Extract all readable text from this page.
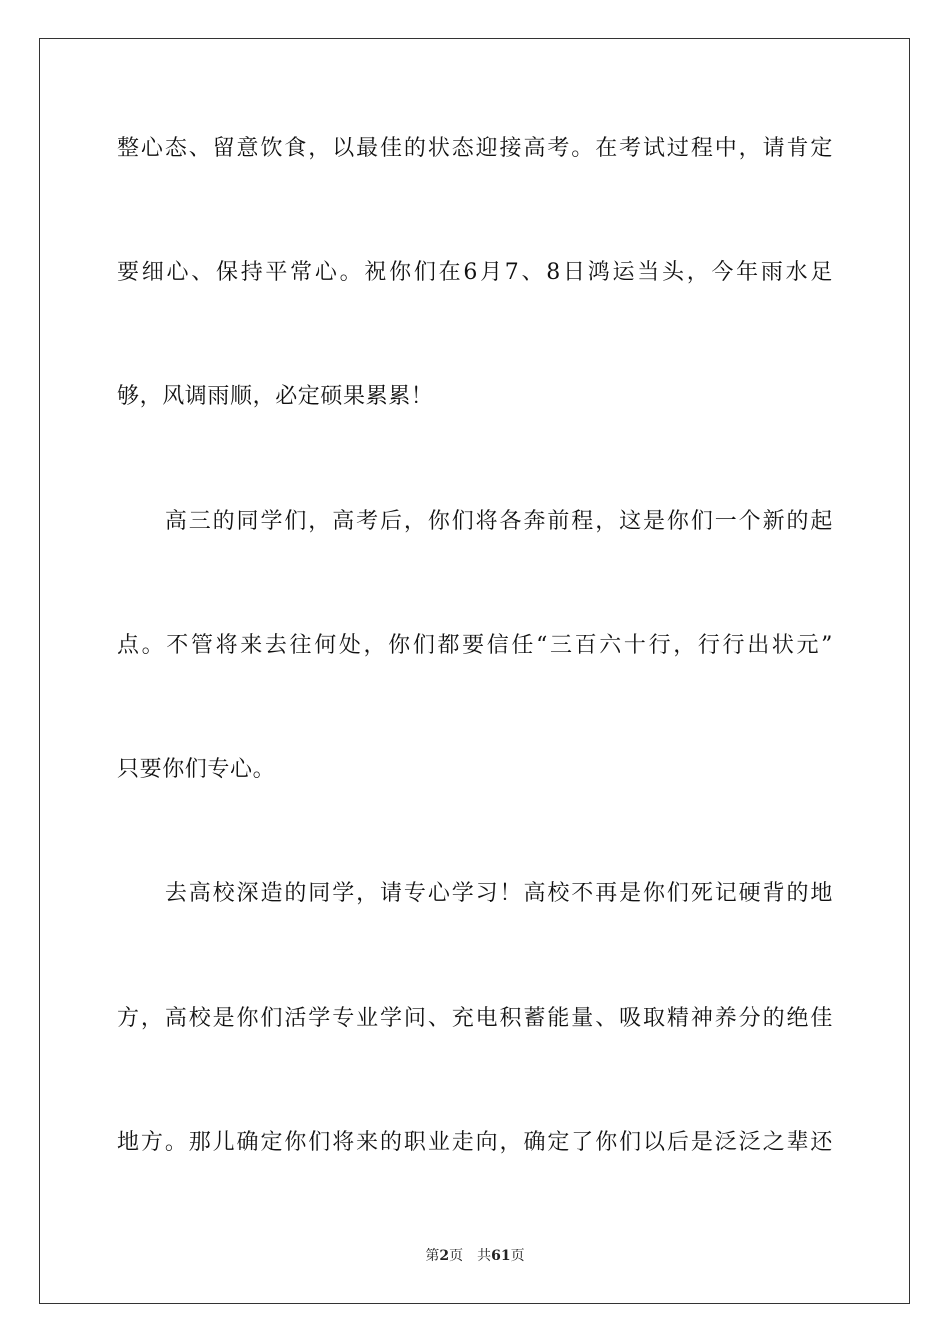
整心态、留意饮食，以最佳的状态迎接高考。在考试过程中，请肯定
要细心、保持平常心。祝你们在6月7、8日鸿运当头，今年雨水足
够，风调雨顺，必定硕果累累！
　　高三的同学们，高考后，你们将各奔前程，这是你们一个新的起
点。不管将来去往何处，你们都要信任“三百六十行，行行出状元”
只要你们专心。
　　去高校深造的同学，请专心学习！高校不再是你们死记硬背的地
方，高校是你们活学专业学问、充电积蓄能量、吸取精神养分的绝佳
地方。那儿确定你们将来的职业走向，确定了你们以后是泛泛之辈还
第2页 共61页
